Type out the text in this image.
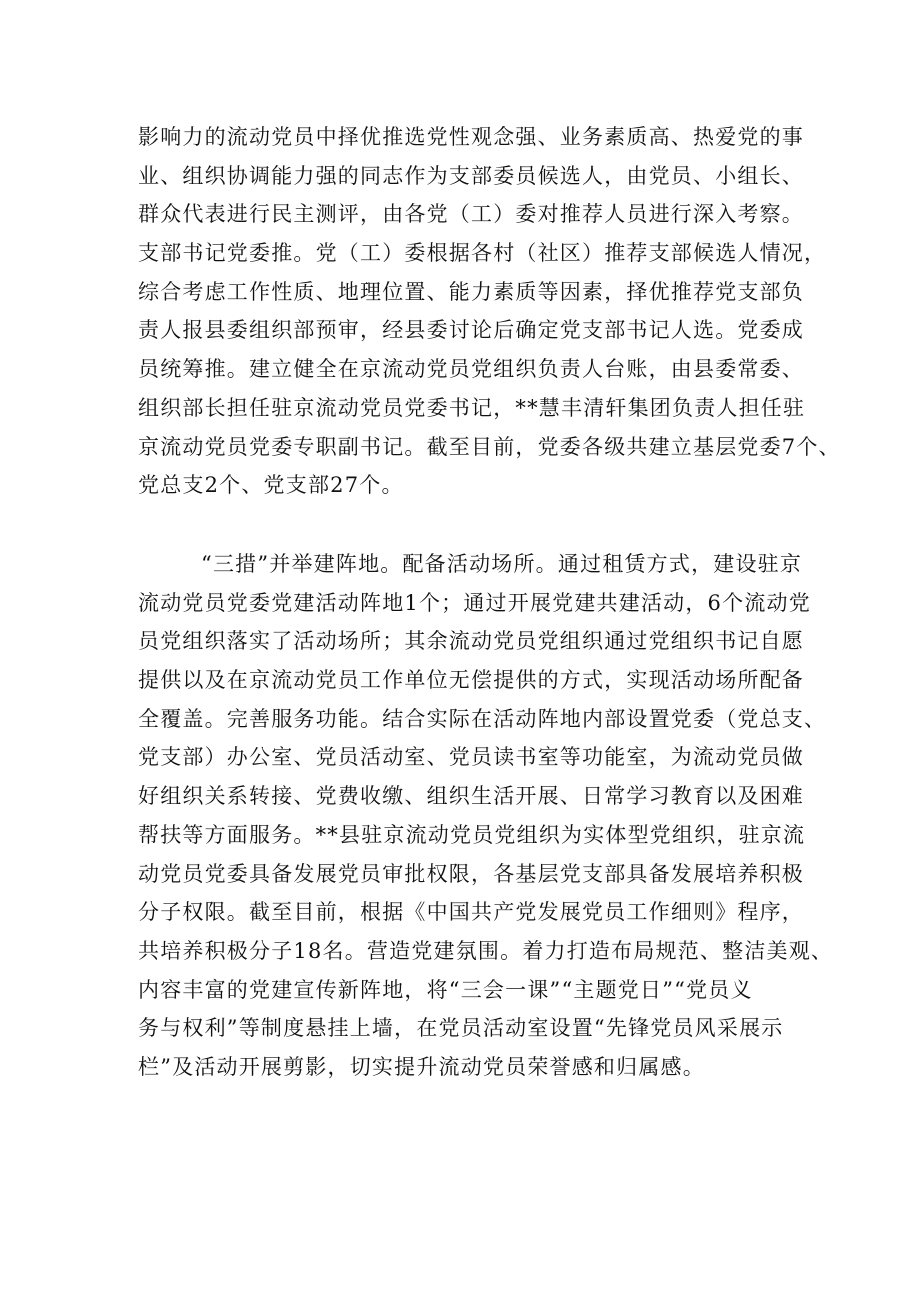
影响力的流动党员中择优推选党性观念强、业务素质高、热爱党的事
业、组织协调能力强的同志作为支部委员候选人，由党员、小组长、
群众代表进行民主测评，由各党（工）委对推荐人员进行深入考察。
支部书记党委推。党（工）委根据各村（社区）推荐支部候选人情况，
综合考虑工作性质、地理位置、能力素质等因素，择优推荐党支部负
责人报县委组织部预审，经县委讨论后确定党支部书记人选。党委成
员统筹推。建立健全在京流动党员党组织负责人台账，由县委常委、
组织部长担任驻京流动党员党委书记，**慧丰清轩集团负责人担任驻
京流动党员党委专职副书记。截至目前，党委各级共建立基层党委7个、
党总支2个、党支部27个。
“三措”并举建阵地。配备活动场所。通过租赁方式，建设驻京
流动党员党委党建活动阵地1个；通过开展党建共建活动，6个流动党
员党组织落实了活动场所；其余流动党员党组织通过党组织书记自愿
提供以及在京流动党员工作单位无偿提供的方式，实现活动场所配备
全覆盖。完善服务功能。结合实际在活动阵地内部设置党委（党总支、
党支部）办公室、党员活动室、党员读书室等功能室，为流动党员做
好组织关系转接、党费收缴、组织生活开展、日常学习教育以及困难
帮扶等方面服务。**县驻京流动党员党组织为实体型党组织，驻京流
动党员党委具备发展党员审批权限，各基层党支部具备发展培养积极
分子权限。截至目前，根据《中国共产党发展党员工作细则》程序，
共培养积极分子18名。营造党建氛围。着力打造布局规范、整洁美观、
内容丰富的党建宣传新阵地，将“三会一课”“主题党日”“党员义
务与权利”等制度悬挂上墙，在党员活动室设置“先锋党员风采展示
栏”及活动开展剪影，切实提升流动党员荣誉感和归属感。
